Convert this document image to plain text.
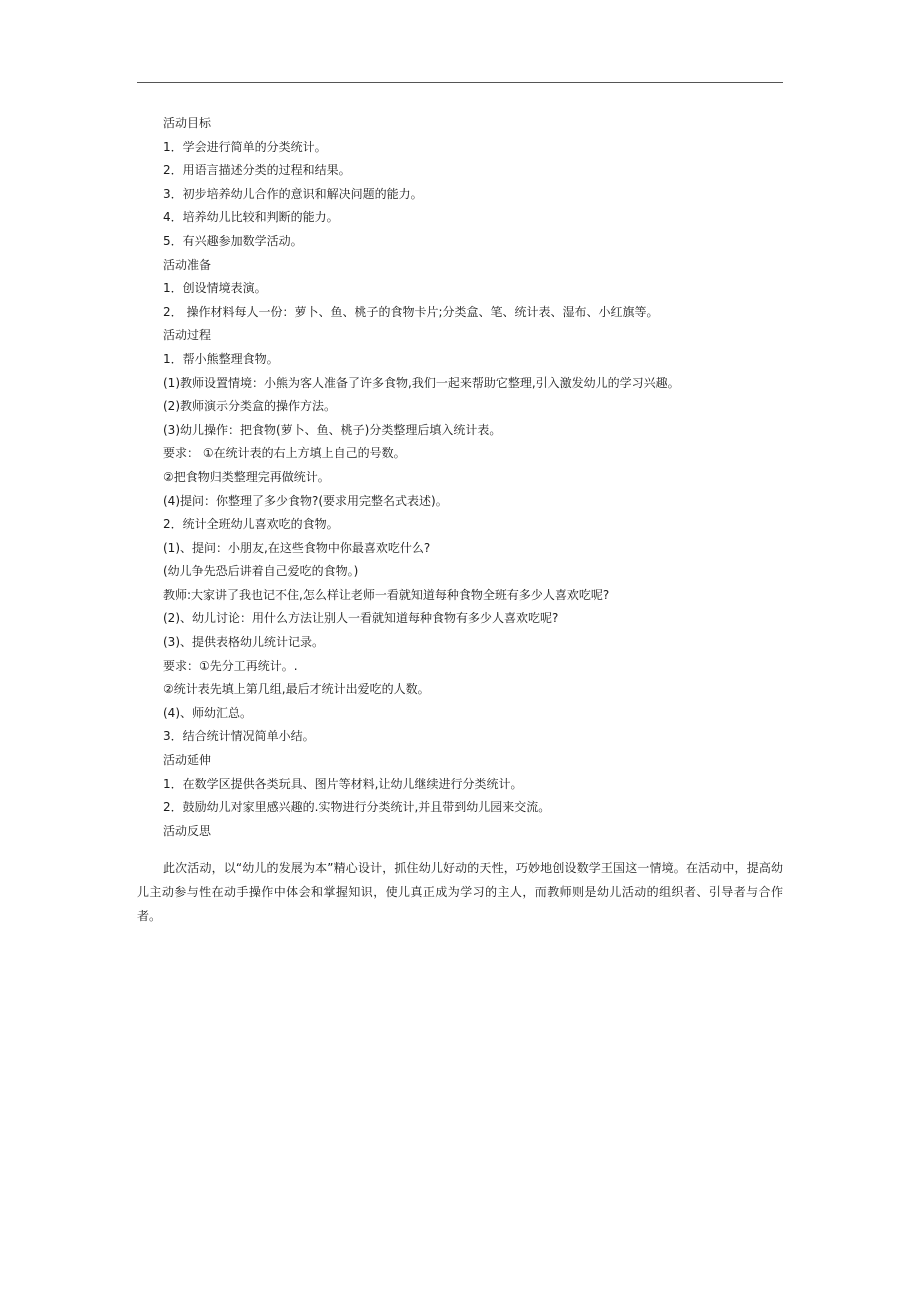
活动目标

1．学会进行简单的分类统计。

2．用语言描述分类的过程和结果。

3．初步培养幼儿合作的意识和解决问题的能力。

4．培养幼儿比较和判断的能力。

5．有兴趣参加数学活动。

活动准备

1．创设情境表演。

2． 操作材料每人一份：萝卜、鱼、桃子的食物卡片;分类盒、笔、统计表、湿布、小红旗等。

活动过程

1．帮小熊整理食物。

(1)教师设置情境：小熊为客人准备了许多食物,我们一起来帮助它整理,引入激发幼儿的学习兴趣。

(2)教师演示分类盒的操作方法。

(3)幼儿操作：把食物(萝卜、鱼、桃子)分类整理后填入统计表。

要求： ①在统计表的右上方填上自己的号数。

②把食物归类整理完再做统计。

(4)提问：你整理了多少食物?(要求用完整名式表述)。

2．统计全班幼儿喜欢吃的食物。

(1)、提问：小朋友,在这些食物中你最喜欢吃什么?

(幼儿争先恐后讲着自己爱吃的食物。)

教师:大家讲了我也记不住,怎么样让老师一看就知道每种食物全班有多少人喜欢吃呢?

(2)、幼儿讨论：用什么方法让别人一看就知道每种食物有多少人喜欢吃呢?

(3)、提供表格幼儿统计记录。

要求：①先分工再统计。.

②统计表先填上第几组,最后才统计出爱吃的人数。

(4)、师幼汇总。

3．结合统计情况简单小结。

活动延伸

1．在数学区提供各类玩具、图片等材料,让幼儿继续进行分类统计。

2．鼓励幼儿对家里感兴趣的.实物进行分类统计,并且带到幼儿园来交流。

活动反思

此次活动，以“幼儿的发展为本”精心设计，抓住幼儿好动的天性，巧妙地创设数学王国这一情境。在活动中，提高幼儿主动参与性在动手操作中体会和掌握知识，使儿真正成为学习的主人，而教师则是幼儿活动的组织者、引导者与合作者。
